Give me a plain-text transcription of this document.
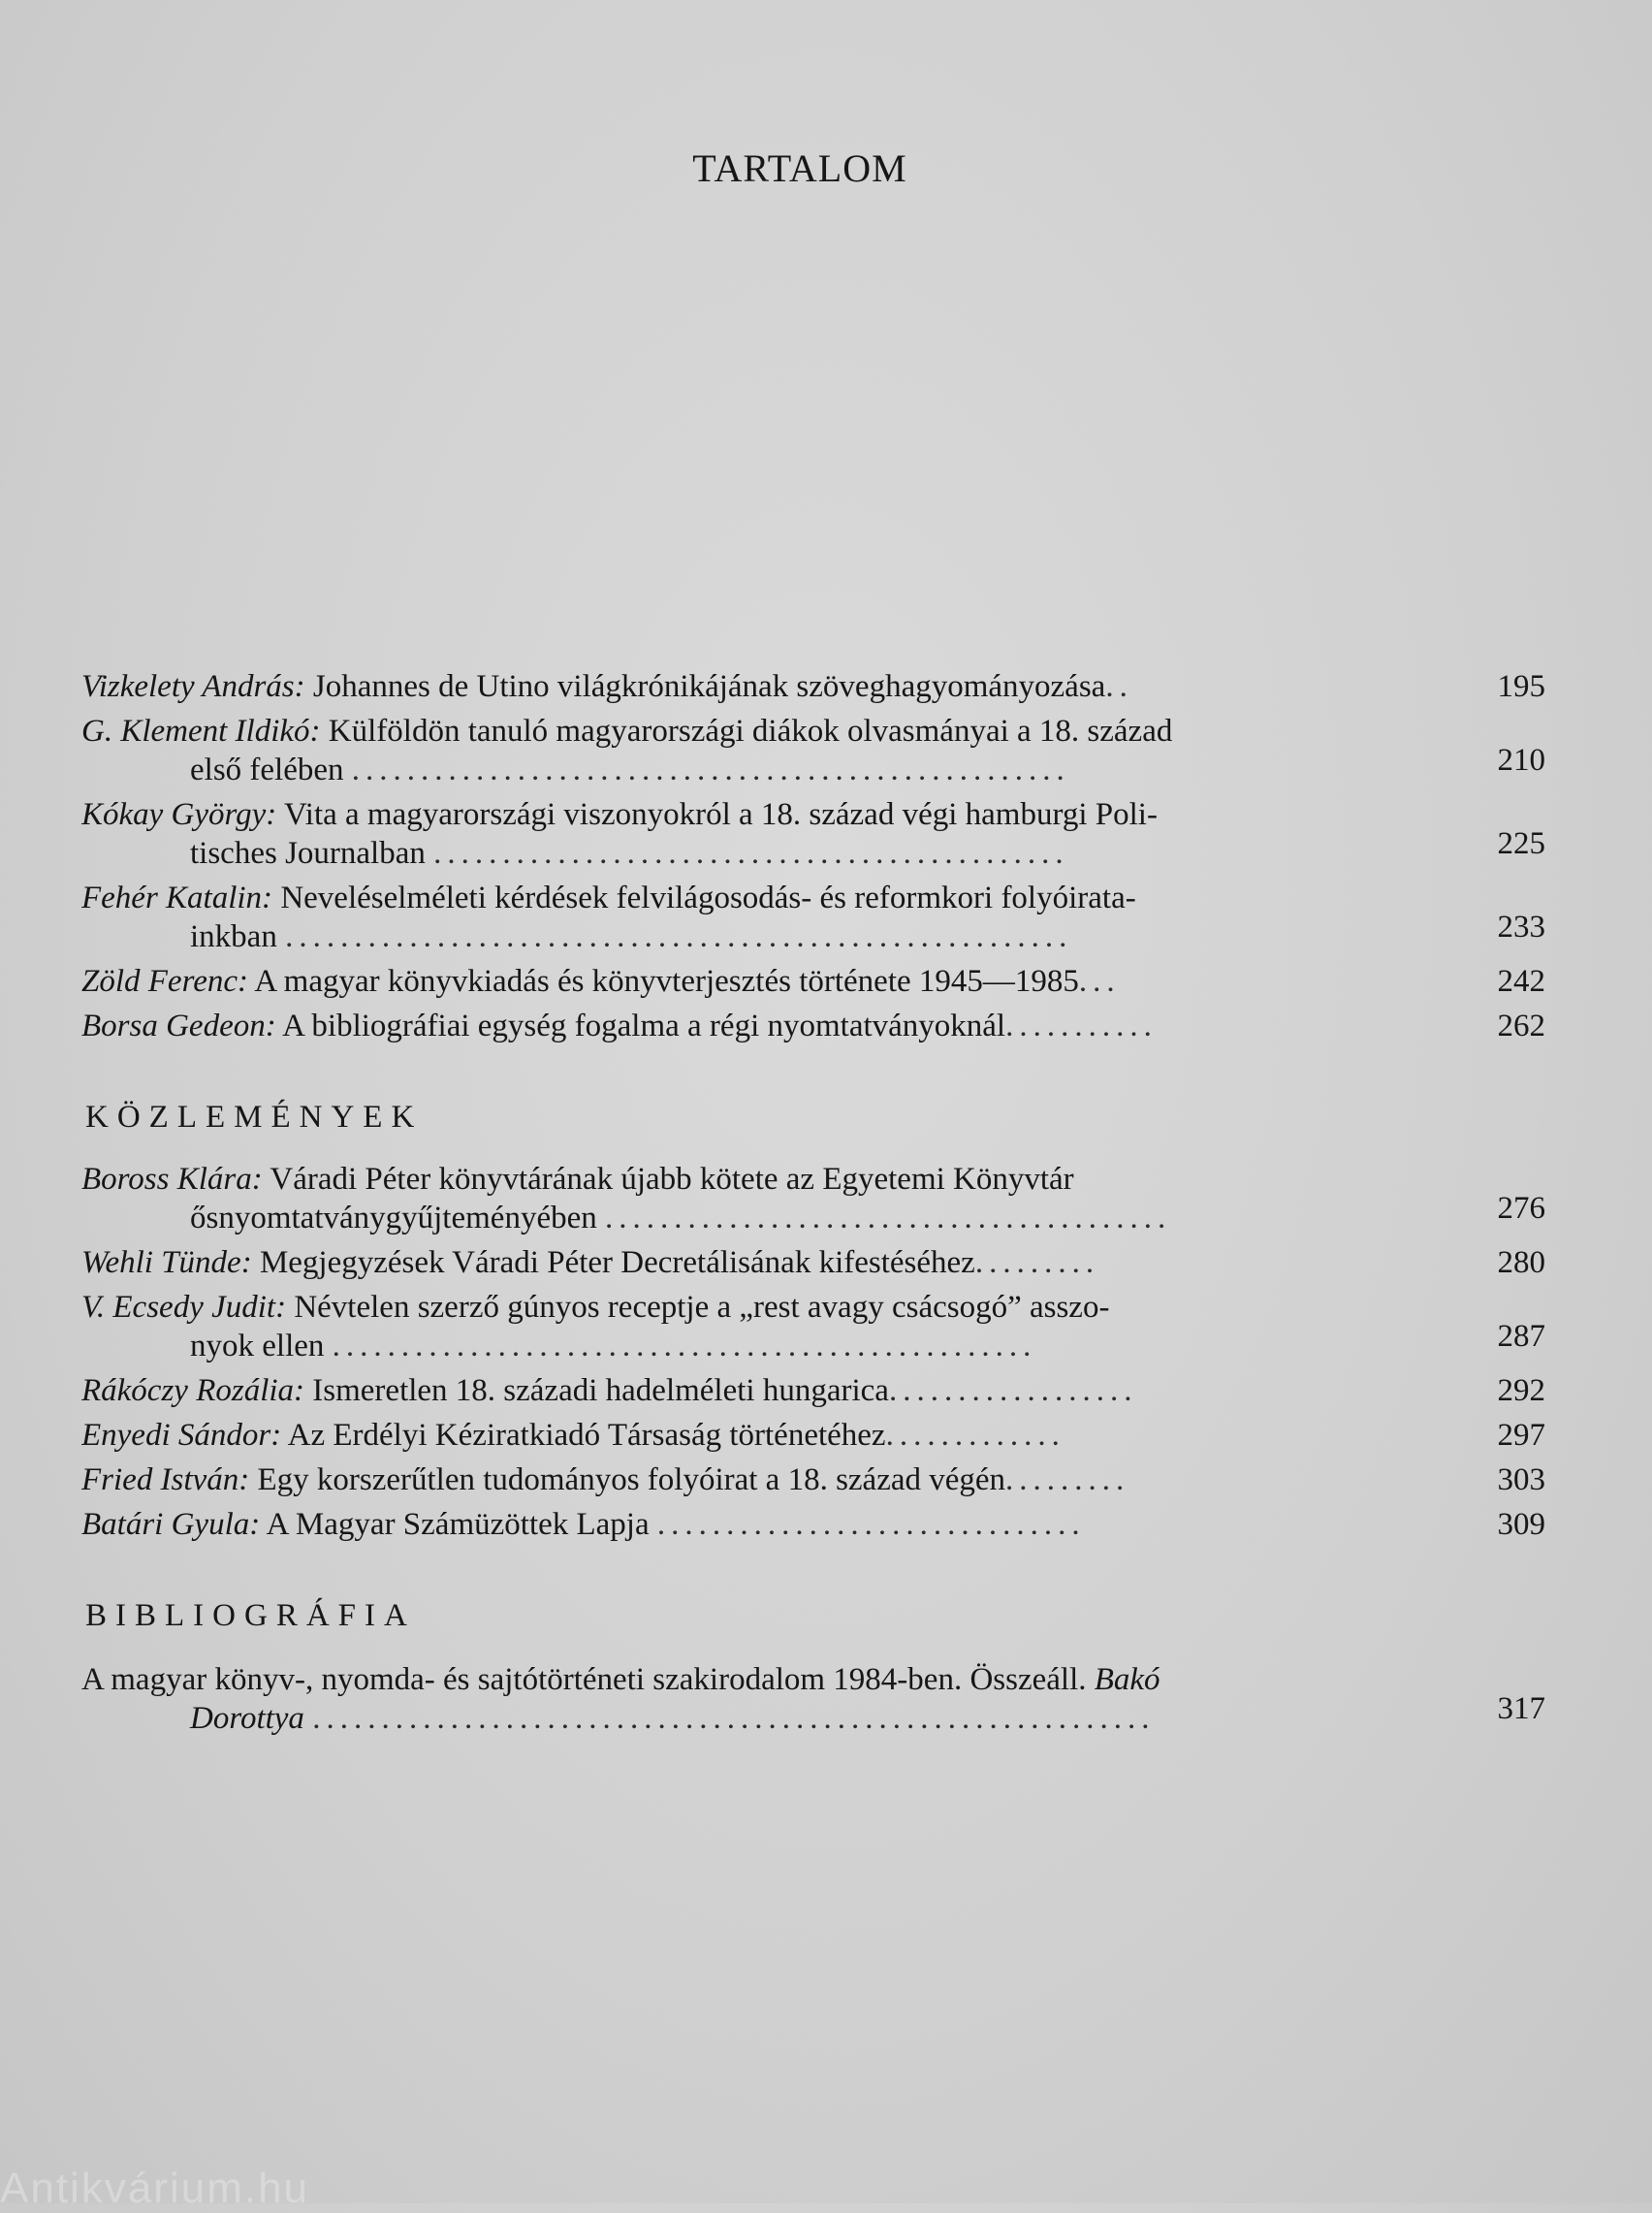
TARTALOM
Vizkelety András: Johannes de Utino világkrónikájának szöveghagyományozása..	195
G. Klement Ildikó: Külföldön tanuló magyarországi diákok olvasmányai a 18. század
első felében ....................................................	210
Kókay György: Vita a magyarországi viszonyokról a 18. század végi hamburgi Poli-
tisches Journalban ..............................................	225
Fehér Katalin: Neveléselméleti kérdések felvilágosodás- és reformkori folyóirata-
inkban .........................................................	233
Zöld Ferenc: A magyar könyvkiadás és könyvterjesztés története 1945—1985...	242
Borsa Gedeon: A bibliográfiai egység fogalma a régi nyomtatványoknál...........	262
KÖZLEMÉNYEK
Boross Klára: Váradi Péter könyvtárának újabb kötete az Egyetemi Könyvtár
ősnyomtatványgyűjteményében .........................................	276
Wehli Tünde: Megjegyzések Váradi Péter Decretálisának kifestéséhez.........	280
V. Ecsedy Judit: Névtelen szerző gúnyos receptje a „rest avagy csácsogó” asszo-
nyok ellen ...................................................	287
Rákóczy Rozália: Ismeretlen 18. századi hadelméleti hungarica..................	292
Enyedi Sándor: Az Erdélyi Kéziratkiadó Társaság történetéhez.............	297
Fried István: Egy korszerűtlen tudományos folyóirat a 18. század végén.........	303
Batári Gyula: A Magyar Számüzöttek Lapja ...............................	309
BIBLIOGRÁFIA
A magyar könyv-, nyomda- és sajtótörténeti szakirodalom 1984-ben. Összeáll. Bakó
Dorottya .............................................................	317
Antikvárium.hu
